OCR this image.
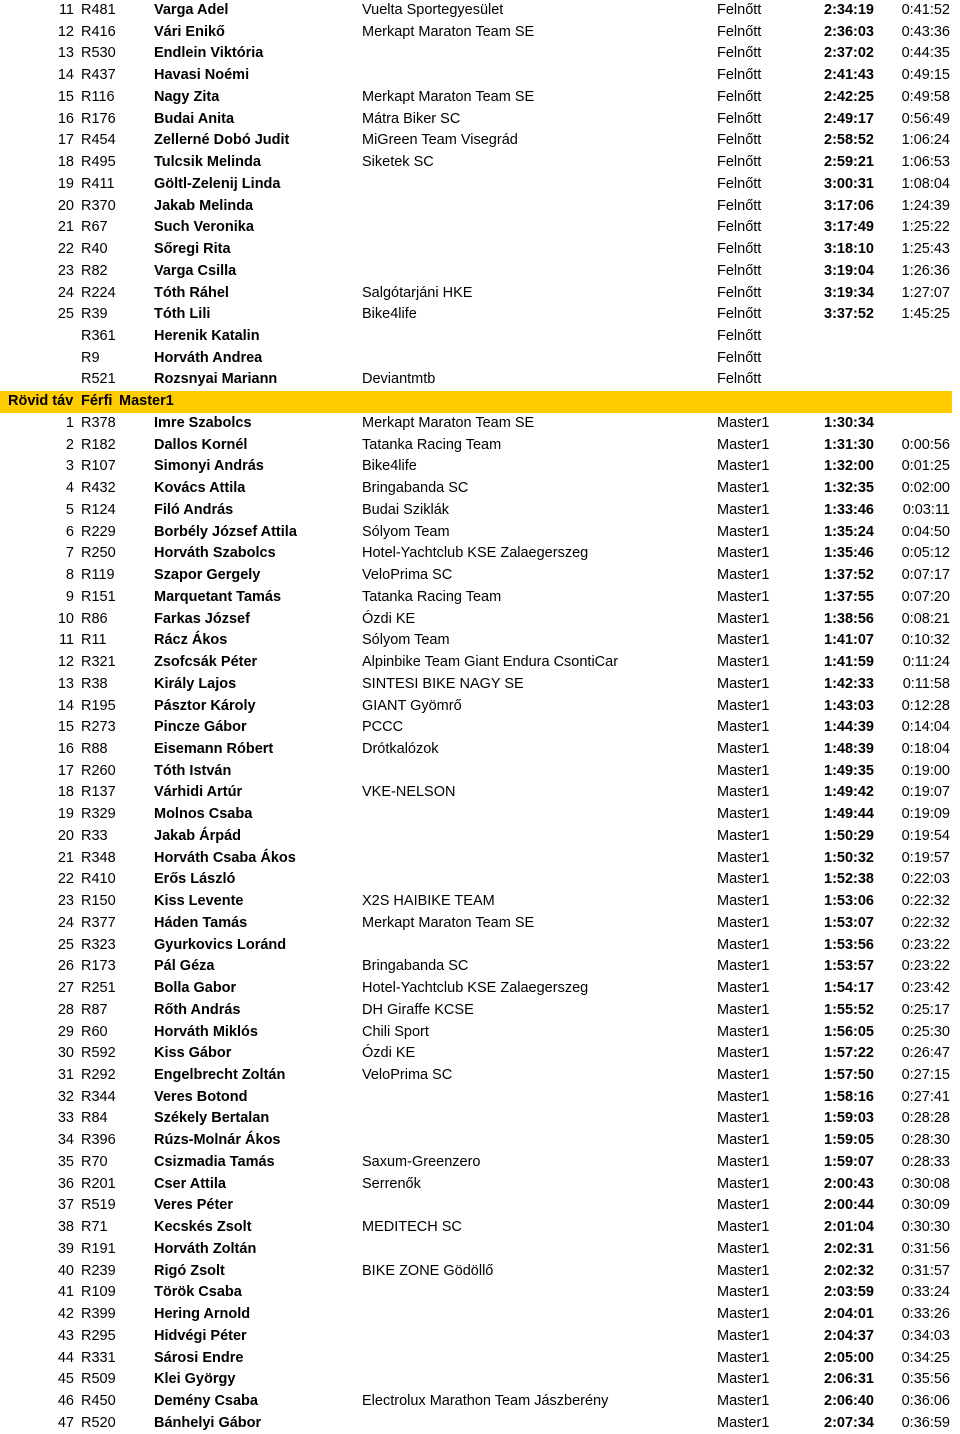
11 R481	Varga Adel	Vuelta Sportegyesület	Felnőtt	2:34:19	0:41:52
12 R416	Vári Enikő	Merkapt Maraton Team SE	Felnőtt	2:36:03	0:43:36
13 R530	Endlein Viktória	Felnőtt	2:37:02	0:44:35
14 R437	Havasi Noémi	Felnőtt	2:41:43	0:49:15
15 R116	Nagy Zita	Merkapt Maraton Team SE	Felnőtt	2:42:25	0:49:58
16 R176	Budai Anita	Mátra Biker SC	Felnőtt	2:49:17	0:56:49
17 R454	Zellerné Dobó Judit	MiGreen Team Visegrád	Felnőtt	2:58:52	1:06:24
18 R495	Tulcsik Melinda	Siketek SC	Felnőtt	2:59:21	1:06:53
19 R411	Göltl-Zelenij Linda	Felnőtt	3:00:31	1:08:04
20 R370	Jakab Melinda	Felnőtt	3:17:06	1:24:39
21 R67	Such Veronika	Felnőtt	3:17:49	1:25:22
22 R40	Sőregi Rita	Felnőtt	3:18:10	1:25:43
23 R82	Varga Csilla	Felnőtt	3:19:04	1:26:36
24 R224	Tóth Ráhel	Salgótarjáni HKE	Felnőtt	3:19:34	1:27:07
25 R39	Tóth Lili	Bike4life	Felnőtt	3:37:52	1:45:25
R361	Herenik Katalin	Felnőtt
R9	Horváth Andrea	Felnőtt
R521	Rozsnyai Mariann	Deviantmtb	Felnőtt
Rövid táv Férfi Master1
1 R378	Imre Szabolcs	Merkapt Maraton Team SE	Master1	1:30:34
2 R182	Dallos Kornél	Tatanka Racing Team	Master1	1:31:30	0:00:56
3 R107	Simonyi András	Bike4life	Master1	1:32:00	0:01:25
4 R432	Kovács Attila	Bringabanda SC	Master1	1:32:35	0:02:00
5 R124	Filó András	Budai Sziklák	Master1	1:33:46	0:03:11
6 R229	Borbély József Attila	Sólyom Team	Master1	1:35:24	0:04:50
7 R250	Horváth Szabolcs	Hotel-Yachtclub KSE Zalaegerszeg	Master1	1:35:46	0:05:12
8 R119	Szapor Gergely	VeloPrima SC	Master1	1:37:52	0:07:17
9 R151	Marquetant Tamás	Tatanka Racing Team	Master1	1:37:55	0:07:20
10 R86	Farkas József	Ózdi KE	Master1	1:38:56	0:08:21
11 R11	Rácz Ákos	Sólyom Team	Master1	1:41:07	0:10:32
12 R321	Zsofcsák Péter	Alpinbike Team Giant Endura CsontiCar	Master1	1:41:59	0:11:24
13 R38	Király Lajos	SINTESI BIKE NAGY SE	Master1	1:42:33	0:11:58
14 R195	Pásztor Károly	GIANT Gyömrő	Master1	1:43:03	0:12:28
15 R273	Pincze Gábor	PCCC	Master1	1:44:39	0:14:04
16 R88	Eisemann Róbert	Drótkalózok	Master1	1:48:39	0:18:04
17 R260	Tóth István	Master1	1:49:35	0:19:00
18 R137	Várhidi Artúr	VKE-NELSON	Master1	1:49:42	0:19:07
19 R329	Molnos Csaba	Master1	1:49:44	0:19:09
20 R33	Jakab Árpád	Master1	1:50:29	0:19:54
21 R348	Horváth Csaba Ákos	Master1	1:50:32	0:19:57
22 R410	Erős László	Master1	1:52:38	0:22:03
23 R150	Kiss Levente	X2S HAIBIKE TEAM	Master1	1:53:06	0:22:32
24 R377	Háden Tamás	Merkapt Maraton Team SE	Master1	1:53:07	0:22:32
25 R323	Gyurkovics Loránd	Master1	1:53:56	0:23:22
26 R173	Pál Géza	Bringabanda SC	Master1	1:53:57	0:23:22
27 R251	Bolla Gabor	Hotel-Yachtclub KSE Zalaegerszeg	Master1	1:54:17	0:23:42
28 R87	Rőth András	DH Giraffe KCSE	Master1	1:55:52	0:25:17
29 R60	Horváth Miklós	Chili Sport	Master1	1:56:05	0:25:30
30 R592	Kiss Gábor	Ózdi KE	Master1	1:57:22	0:26:47
31 R292	Engelbrecht Zoltán	VeloPrima SC	Master1	1:57:50	0:27:15
32 R344	Veres Botond	Master1	1:58:16	0:27:41
33 R84	Székely Bertalan	Master1	1:59:03	0:28:28
34 R396	Rúzs-Molnár Ákos	Master1	1:59:05	0:28:30
35 R70	Csizmadia Tamás	Saxum-Greenzero	Master1	1:59:07	0:28:33
36 R201	Cser Attila	Serrenők	Master1	2:00:43	0:30:08
37 R519	Veres Péter	Master1	2:00:44	0:30:09
38 R71	Kecskés Zsolt	MEDITECH SC	Master1	2:01:04	0:30:30
39 R191	Horváth Zoltán	Master1	2:02:31	0:31:56
40 R239	Rigó Zsolt	BIKE ZONE Gödöllő	Master1	2:02:32	0:31:57
41 R109	Török Csaba	Master1	2:03:59	0:33:24
42 R399	Hering Arnold	Master1	2:04:01	0:33:26
43 R295	Hidvégi Péter	Master1	2:04:37	0:34:03
44 R331	Sárosi Endre	Master1	2:05:00	0:34:25
45 R509	Klei György	Master1	2:06:31	0:35:56
46 R450	Demény Csaba	Electrolux Marathon Team Jászberény	Master1	2:06:40	0:36:06
47 R520	Bánhelyi Gábor	Master1	2:07:34	0:36:59
